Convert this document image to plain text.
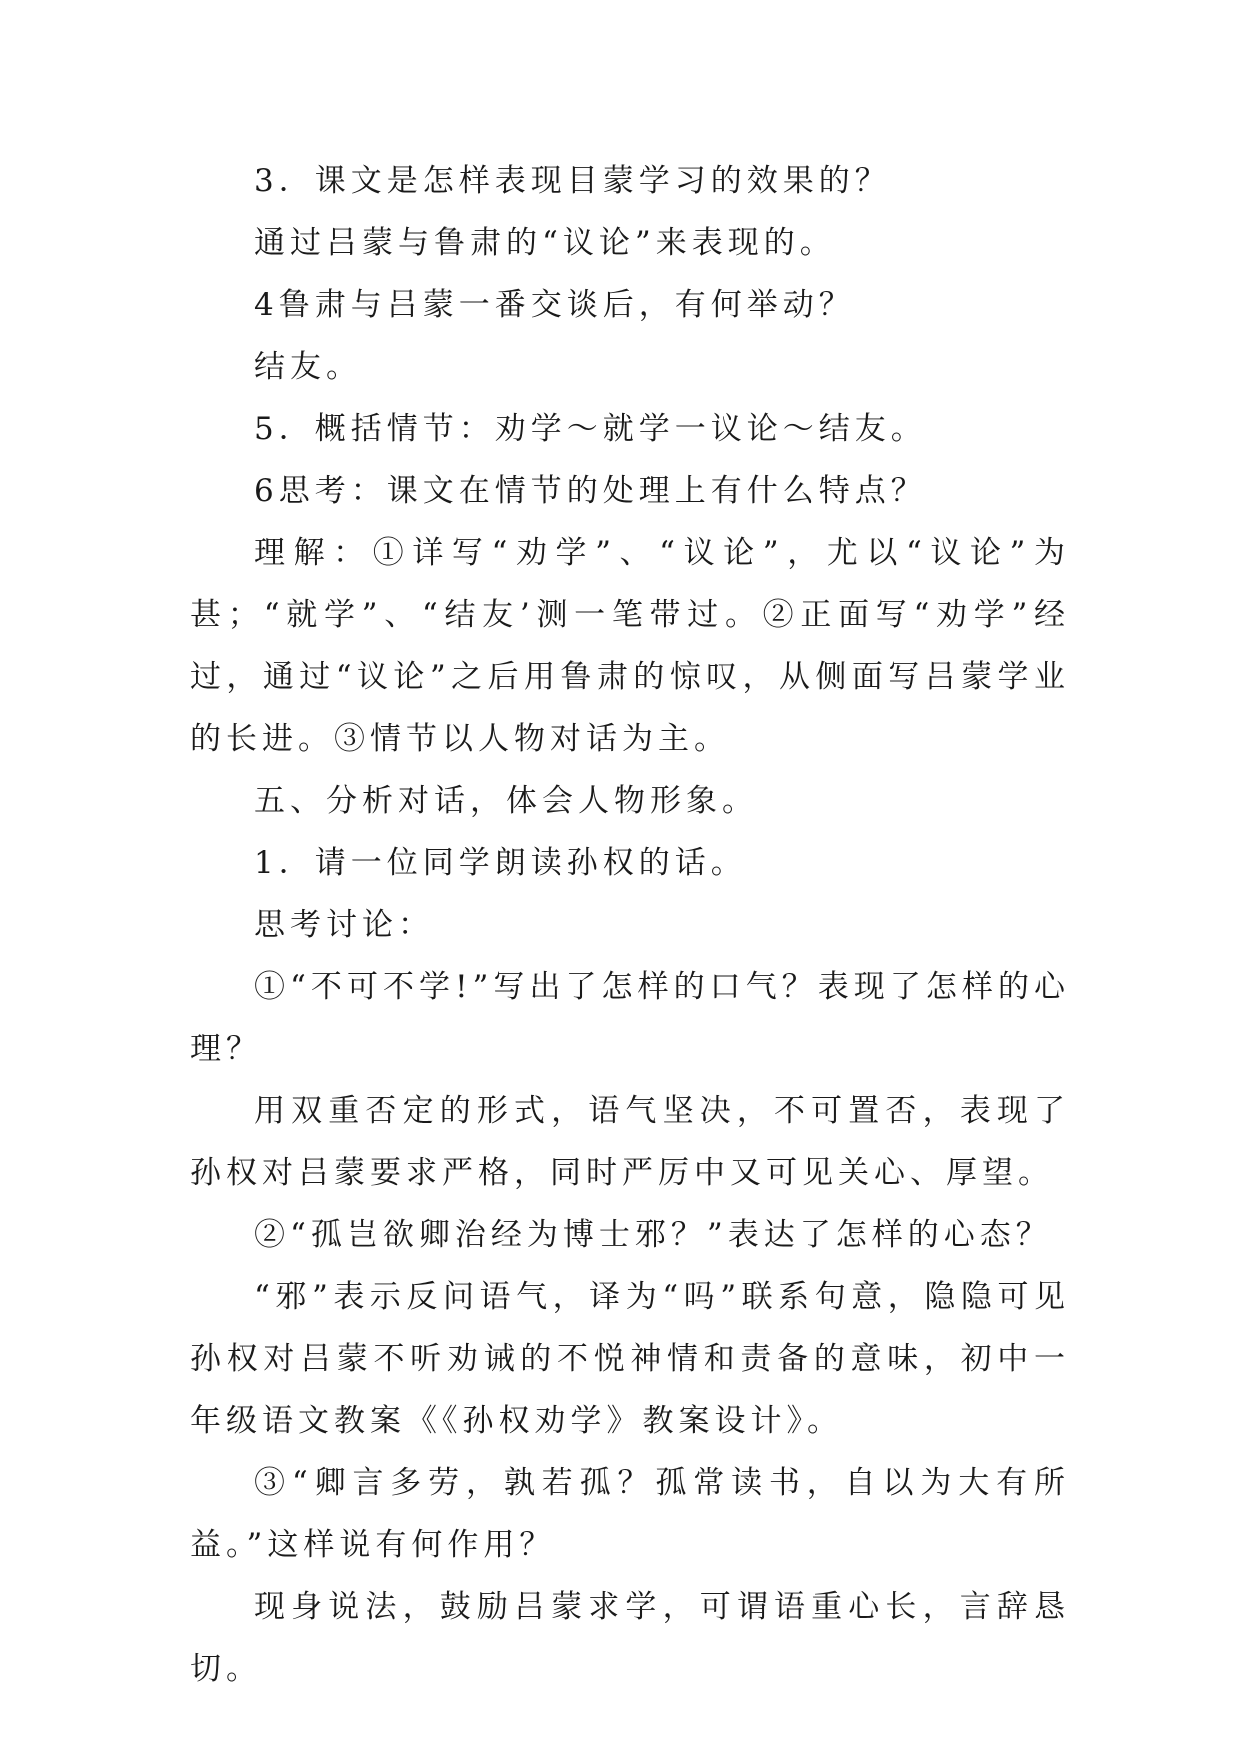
3．课文是怎样表现目蒙学习的效果的？

通过吕蒙与鲁肃的“议论”来表现的。

4鲁肃与吕蒙一番交谈后，有何举动？

结友。

5．概括情节：劝学～就学一议论～结友。

6思考：课文在情节的处理上有什么特点？

理解：①详写“劝学”、“议论”，尤以“议论”为甚；“就学”、“结友’测一笔带过。②正面写“劝学”经过，通过“议论”之后用鲁肃的惊叹，从侧面写吕蒙学业的长进。③情节以人物对话为主。

五、分析对话，体会人物形象。

1．请一位同学朗读孙权的话。

思考讨论：

①“不可不学!”写出了怎样的口气？表现了怎样的心理？

用双重否定的形式，语气坚决，不可置否，表现了孙权对吕蒙要求严格，同时严厉中又可见关心、厚望。

②“孤岂欲卿治经为博士邪？”表达了怎样的心态？

“邪”表示反问语气，译为“吗”联系句意，隐隐可见孙权对吕蒙不听劝诫的不悦神情和责备的意味，初中一年级语文教案《《孙权劝学》教案设计》。

③“卿言多劳，孰若孤？孤常读书，自以为大有所益。”这样说有何作用？

现身说法，鼓励吕蒙求学，可谓语重心长，言辞恳切。
